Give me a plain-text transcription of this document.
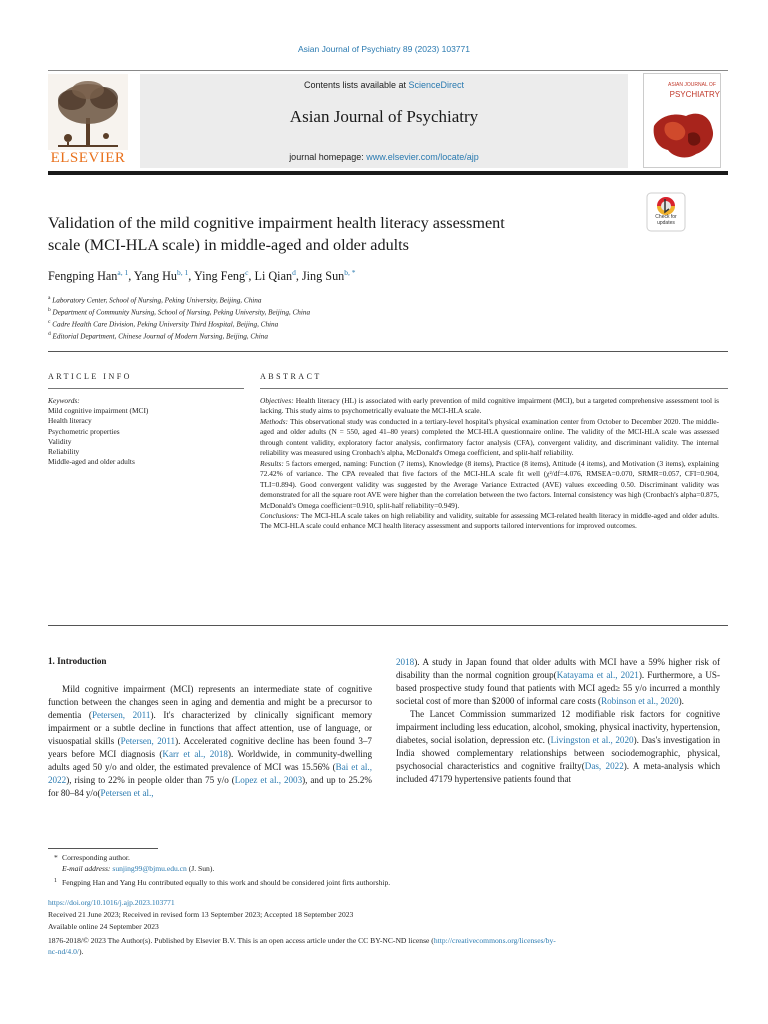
Asian Journal of Psychiatry 89 (2023) 103771
ELSEVIER
Contents lists available at ScienceDirect
Asian Journal of Psychiatry
journal homepage: www.elsevier.com/locate/ajp
ASIAN JOURNAL OF
PSYCHIATRY
Check for updates
Validation of the mild cognitive impairment health literacy assessment
scale (MCI-HLA scale) in middle-aged and older adults
Fengping Han$^{a, 1}$, Yang Hu$^{b, 1}$, Ying Feng$^c$, Li Qian$^d$, Jing Sun$^{b, *}$
$^a$ Laboratory Center, School of Nursing, Peking University, Beijing, China
$^b$ Department of Community Nursing, School of Nursing, Peking University, Beijing, China
$^c$ Cadre Health Care Division, Peking University Third Hospital, Beijing, China
$^d$ Editorial Department, Chinese Journal of Modern Nursing, Beijing, China
ARTICLE INFO
Keywords:
Mild cognitive impairment (MCI)
Health literacy
Psychometric properties
Validity
Reliability
Middle-aged and older adults
ABSTRACT

Objectives: Health literacy (HL) is associated with early prevention of mild cognitive impairment (MCI), but a targeted comprehensive assessment tool is lacking. This study aims to psychometrically evaluate the MCI-HLA scale.

Methods: This observational study was conducted in a tertiary-level hospital's physical examination center from October to December 2020. The middle-aged and older adults (N = 550, aged 41–80 years) completed the MCI-HLA questionnaire online. The validity of the MCI-HLA scale was assessed through content validity, exploratory factor analysis, confirmatory factor analysis (CFA), convergent validity, and discriminant validity. The internal reliability was measured using Cronbach's alpha, McDonald's Omega coefficient, and split-half reliability.

Results: 5 factors emerged, naming: Function (7 items), Knowledge (8 items), Practice (8 items), Attitude (4 items), and Motivation (3 items), explaining 72.42% of variance. The CPA revealed that five factors of the MCI-HLA scale fit well (χ²/df=4.076, RMSEA=0.070, SRMR=0.057, CFI=0.904, TLI=0.894). Good convergent validity was suggested by the Average Variance Extracted (AVE) values exceeding 0.50. Discriminant validity was demonstrated for all the square root AVE were higher than the correlation between the two factors. Internal consistency was high (Cronbach's alpha=0.875, McDonald's Omega coefficient=0.910, split-half reliability=0.949).

Conclusions: The MCI-HLA scale takes on high reliability and validity, suitable for assessing MCI-related health literacy in middle-aged and older adults. The MCI-HLA scale could enhance MCI health literacy assessment and supports tailored interventions for improved outcomes.

1. Introduction

Mild cognitive impairment (MCI) represents an intermediate state of cognitive function between the changes seen in aging and dementia and might be a precursor to dementia (Petersen, 2011). It's characterized by clinically significant memory impairment or a subtle decline in functions that affect attention, use of language, or visuospatial skills (Petersen, 2011). Accelerated cognitive decline has been found 3–7 years before MCI diagnosis (Karr et al., 2018). Worldwide, in community-dwelling adults aged 50 y/o and older, the estimated prevalence of MCI was 15.56% (Bai et al., 2022), rising to 22% in people older than 75 y/o (Lopez et al., 2003), and up to 25.2% for 80–84 y/o(Petersen et al.,

2018). A study in Japan found that older adults with MCI have a 59% higher risk of disability than the normal cognition group(Katayama et al., 2021). Furthermore, a US-based prospective study found that patients with MCI aged≥ 55 y/o incurred a monthly societal cost of more than $2000 of informal care costs (Robinson et al., 2020).

The Lancet Commission summarized 12 modifiable risk factors for cognitive impairment including less education, alcohol, smoking, physical inactivity, hypertension, diabetes, social isolation, depression etc. (Livingston et al., 2020). Das's investigation in India showed complementary relationships between sociodemographic, physical, psychosocial characteristics and cognitive frailty(Das, 2022). A meta-analysis which included 47179 hypertensive patients found that

* Corresponding author.
E-mail address: sunjing99@bjmu.edu.cn (J. Sun).
1 Fengping Han and Yang Hu contributed equally to this work and should be considered joint firts authorship.
https://doi.org/10.1016/j.ajp.2023.103771
Received 21 June 2023; Received in revised form 13 September 2023; Accepted 18 September 2023
Available online 24 September 2023
1876-2018/© 2023 The Author(s). Published by Elsevier B.V. This is an open access article under the CC BY-NC-ND license (http://creativecommons.org/licenses/by-
nc-nd/4.0/).
